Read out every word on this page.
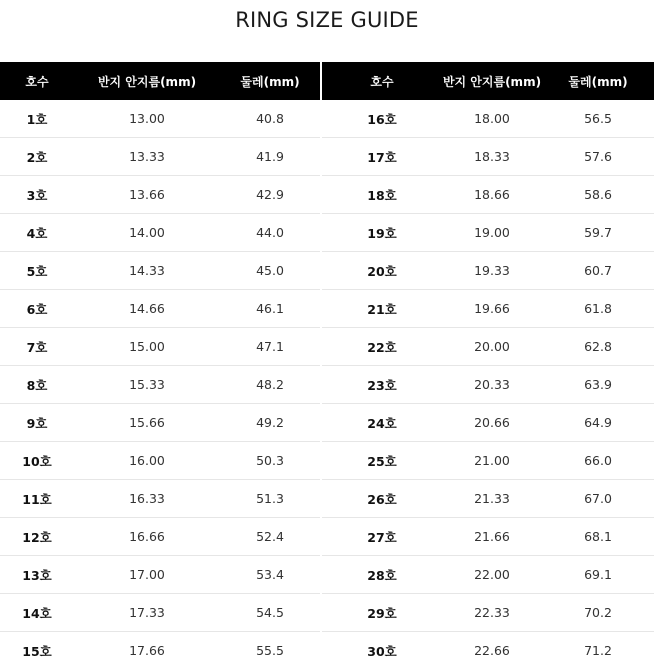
RING SIZE GUIDE
호수	반지 안지름(mm)	둘레(mm)
1호	13.00	40.8
2호	13.33	41.9
3호	13.66	42.9
4호	14.00	44.0
5호	14.33	45.0
6호	14.66	46.1
7호	15.00	47.1
8호	15.33	48.2
9호	15.66	49.2
10호	16.00	50.3
11호	16.33	51.3
12호	16.66	52.4
13호	17.00	53.4
14호	17.33	54.5
15호	17.66	55.5
호수	반지 안지름(mm)	둘레(mm)
16호	18.00	56.5
17호	18.33	57.6
18호	18.66	58.6
19호	19.00	59.7
20호	19.33	60.7
21호	19.66	61.8
22호	20.00	62.8
23호	20.33	63.9
24호	20.66	64.9
25호	21.00	66.0
26호	21.33	67.0
27호	21.66	68.1
28호	22.00	69.1
29호	22.33	70.2
30호	22.66	71.2
